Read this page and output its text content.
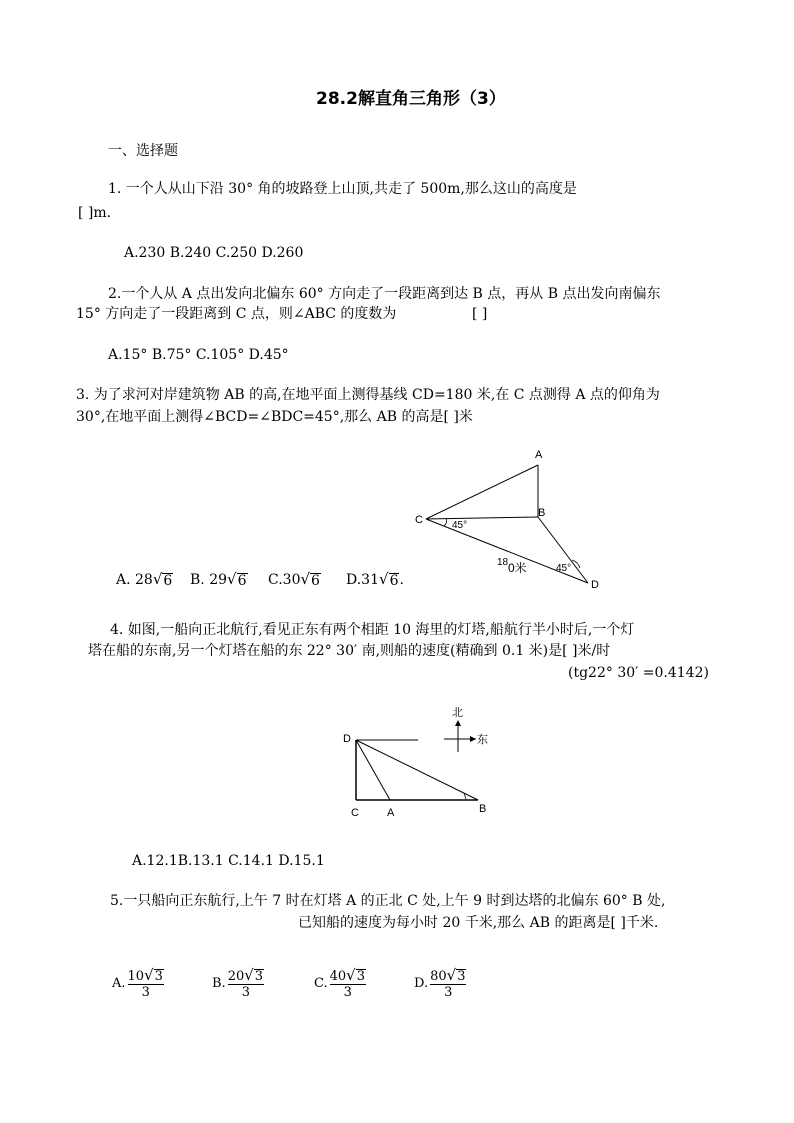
28.2解直角三角形（3）
一、选择题
1. 一个人从山下沿 30° 角的坡路登上山顶,共走了 500m,那么这山的高度是
[ ]m.
A.230 B.240 C.250 D.260
2.一个人从 A 点出发向北偏东 60° 方向走了一段距离到达 B 点，再从 B 点出发向南偏东
15° 方向走了一段距离到 C 点，则∠ABC 的度数为	[ ]
A.15° B.75° C.105° D.45°
3. 为了求河对岸建筑物 AB 的高,在地平面上测得基线 CD=180 米,在 C 点测得 A 点的仰角为
30°,在地平面上测得∠BCD=∠BDC=45°,那么 AB 的高是[ ]米
A. 28 √ 6 B. 29 √ 6 C.30 √ 6 D.31 √ 6 .
A
B
C
D
45°
45°
18 0米
4. 如图,一船向正北航行,看见正东有两个相距 10 海里的灯塔,船航行半小时后,一个灯
塔在船的东南,另一个灯塔在船的东 22° 30′ 南,则船的速度(精确到 0.1 米)是[ ]米/时
(tg22° 30′ =0.4142)
北
东
D
C	A	B
A.12.1B.13.1 C.14.1 D.15.1
5.一只船向正东航行,上午 7 时在灯塔 A 的正北 C 处,上午 9 时到达塔的北偏东 60° B 处,
已知船的速度为每小时 20 千米,那么 AB 的距离是[ ]千米.
A. 10 √ 3
3
B. 20 √ 3
3
C. 40 √ 3
3
D. 80 √ 3
3
